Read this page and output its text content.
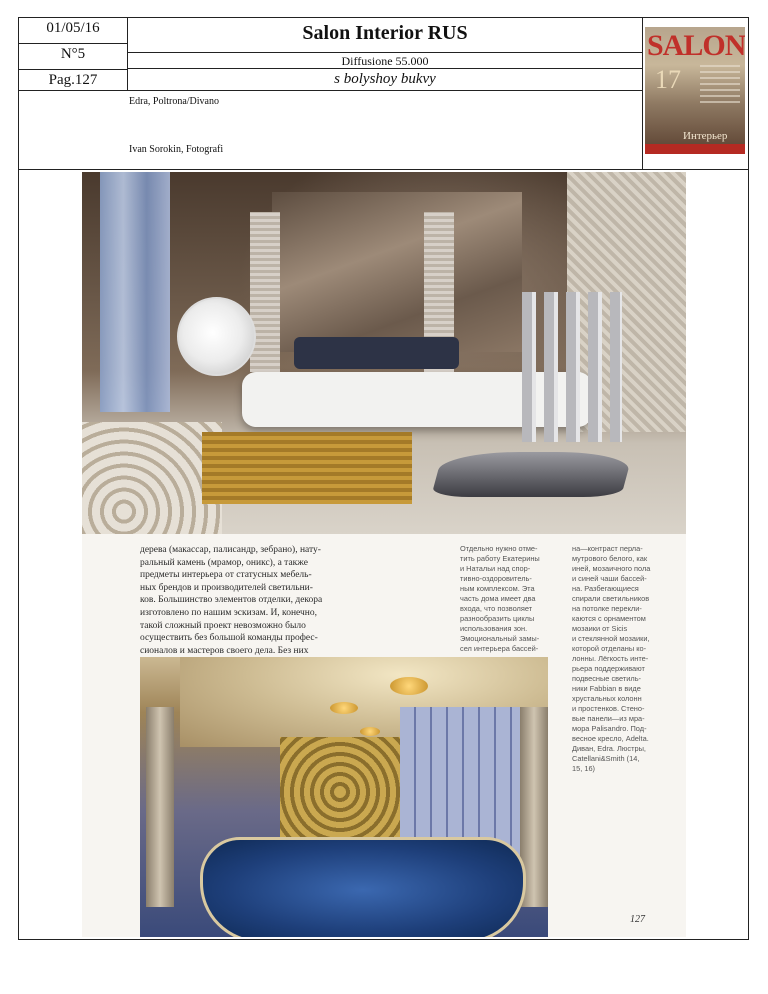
01/05/16
N°5
Pag.127
Salon Interior RUS
Diffusione 55.000
s bolyshoy bukvy
Edra, Poltrona/Divano
Ivan Sorokin, Fotografi
SALON
17
Интерьер
дерева (макассар, палисандр, зебрано), нату-
ральный камень (мрамор, оникс), а также
предметы интерьера от статусных мебель-
ных брендов и производителей светильни-
ков. Большинство элементов отделки, декора
изготовлено по нашим эскизам. И, конечно,
такой сложный проект невозможно было
осуществить без большой команды профес-
сионалов и мастеров своего дела. Без них
Отдельно нужно отме-
тить работу Екатерины
и Натальи над спор-
тивно-оздоровитель-
ным комплексом. Эта
часть дома имеет два
входа, что позволяет
разнообразить циклы
использования зон.
Эмоциональный замы-
сел интерьера бассей-
на—контраст перла-
мутрового белого, как
иней, мозаичного пола
и синей чаши бассей-
на. Разбегающиеся
спирали светильников
на потолке перекли-
каются с орнаментом
мозаики от Sicis
и стеклянной мозаики,
которой отделаны ко-
лонны. Лёгкость инте-
рьера поддерживают
подвесные светиль-
ники Fabbian в виде
хрустальных колонн
и простенков. Стено-
вые панели—из мра-
мора Palisandro. Под-
весное кресло, Adelta.
Диван, Edra. Люстры,
Catellani&Smith (14,
15, 16)
127
